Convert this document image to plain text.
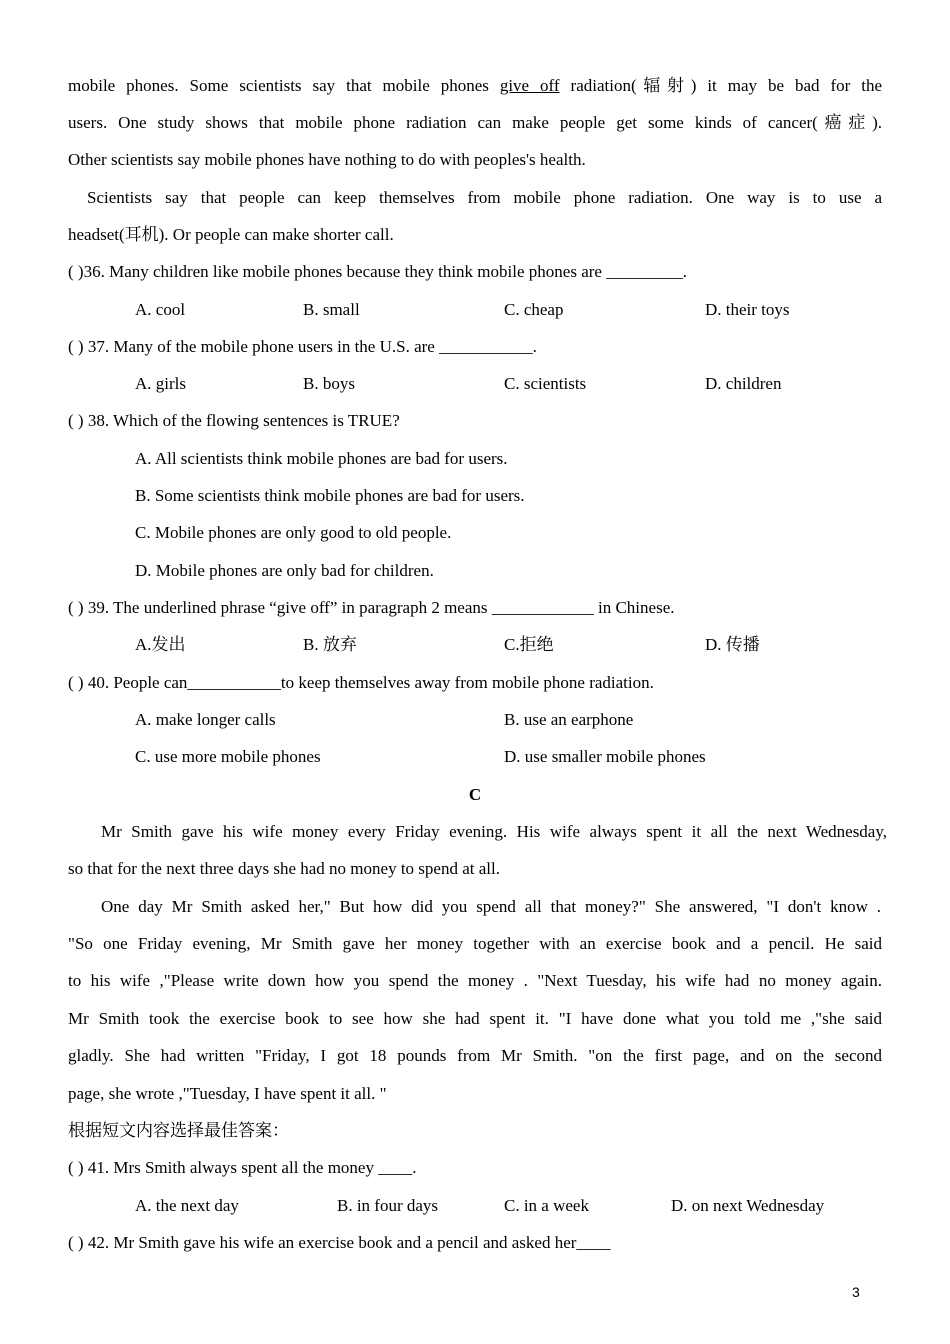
mobile phones. Some scientists say that mobile phones give off radiation(辐射) it may be bad for the
users. One study shows that mobile phone radiation can make people get some kinds of cancer(癌症).
Other scientists say mobile phones have nothing to do with peoples's health.
Scientists say that people can keep themselves from mobile phone radiation. One way is to use a
headset(耳机). Or people can make shorter call.
( )36. Many children like mobile phones because they think mobile phones are _________.
A. cool	B. small	C. cheap	D. their toys
( ) 37. Many of the mobile phone users in the U.S. are ___________.
A. girls	B. boys	C. scientists	D. children
( ) 38. Which of the flowing sentences is TRUE?
A. All scientists think mobile phones are bad for users.
B. Some scientists think mobile phones are bad for users.
C. Mobile phones are only good to old people.
D. Mobile phones are only bad for children.
( ) 39. The underlined phrase “give off” in paragraph 2 means ____________ in Chinese.
A.发出	B. 放弃	C.拒绝	D. 传播
( ) 40. People can___________to keep themselves away from mobile phone radiation.
A. make longer calls	B. use an earphone
C. use more mobile phones	D. use smaller mobile phones
C
Mr Smith gave his wife money every Friday evening. His wife always spent it all the next Wednesday,
so that for the next three days she had no money to spend at all.
One day Mr Smith asked her," But how did you spend all that money?" She answered, "I don't know .
"So one Friday evening, Mr Smith gave her money together with an exercise book and a pencil. He said
to his wife ,"Please write down how you spend the money . "Next Tuesday, his wife had no money again.
Mr Smith took the exercise book to see how she had spent it. "I have done what you told me ,"she said
gladly. She had written "Friday, I got 18 pounds from Mr Smith. "on the first page, and on the second
page, she wrote ,"Tuesday, I have spent it all. "
根据短文内容选择最佳答案：
( ) 41. Mrs Smith always spent all the money ____.
A. the next day	B. in four days	C. in a week	D. on next Wednesday
( ) 42. Mr Smith gave his wife an exercise book and a pencil and asked her____
3
